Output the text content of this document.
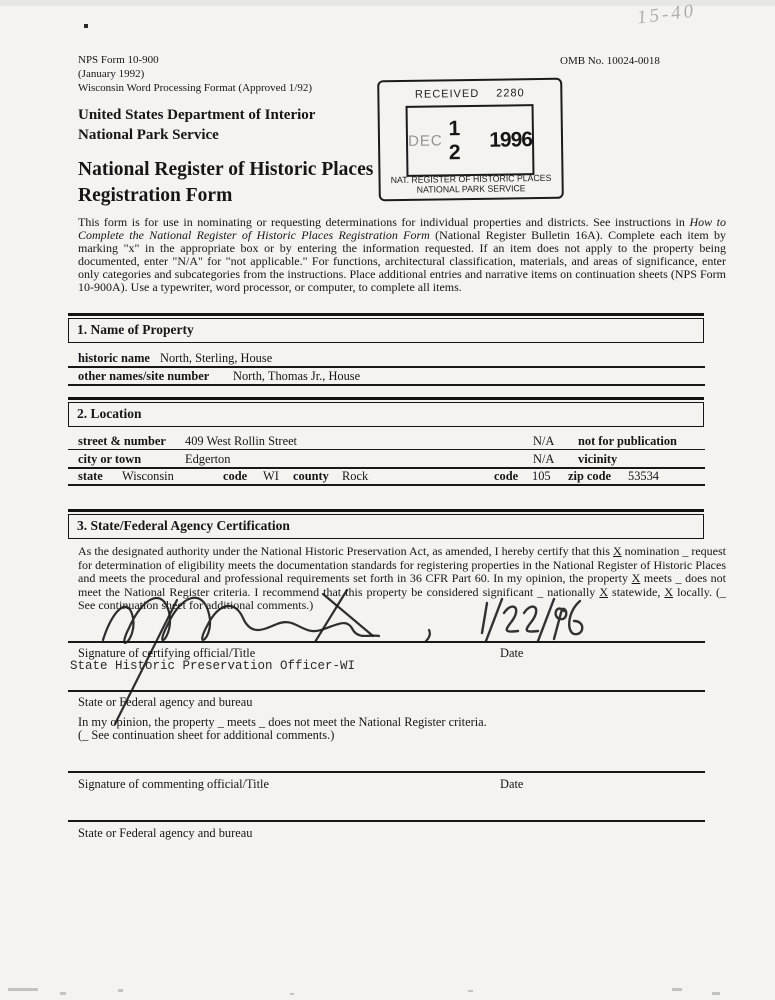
15-40
NPS Form 10-900
(January 1992)
Wisconsin Word Processing Format (Approved 1/92)
OMB No. 10024-0018
RECEIVED 2280
DEC
1 2
1996
NAT. REGISTER OF HISTORIC PLACES
NATIONAL PARK SERVICE
United States Department of Interior
National Park Service
National Register of Historic Places
Registration Form
This form is for use in nominating or requesting determinations for individual properties and districts. See instructions in How to Complete the National Register of Historic Places Registration Form (National Register Bulletin 16A). Complete each item by marking "x" in the appropriate box or by entering the information requested. If an item does not apply to the property being documented, enter "N/A" for "not applicable." For functions, architectural classification, materials, and areas of significance, enter only categories and subcategories from the instructions. Place additional entries and narrative items on continuation sheets (NPS Form 10-900A). Use a typewriter, word processor, or computer, to complete all items.
1. Name of Property
historic name North, Sterling, House
other names/site number North, Thomas Jr., House
2. Location
street & number 409 West Rollin Street	N/A not for publication
city or town	Edgerton	N/A vicinity
state Wisconsin	code WI county Rock	code 105 zip code 53534
3. State/Federal Agency Certification
As the designated authority under the National Historic Preservation Act, as amended, I hereby certify that this X nomination _ request for determination of eligibility meets the documentation standards for registering properties in the National Register of Historic Places and meets the procedural and professional requirements set forth in 36 CFR Part 60. In my opinion, the property X meets _ does not meet the National Register criteria. I recommend that this property be considered significant _ nationally X statewide, X locally. (_ See continuation sheet for additional comments.)
Signature of certifying official/Title	Date
State Historic Preservation Officer-WI
State or Federal agency and bureau
In my opinion, the property _ meets _ does not meet the National Register criteria.
(_ See continuation sheet for additional comments.)
Signature of commenting official/Title	Date
State or Federal agency and bureau
